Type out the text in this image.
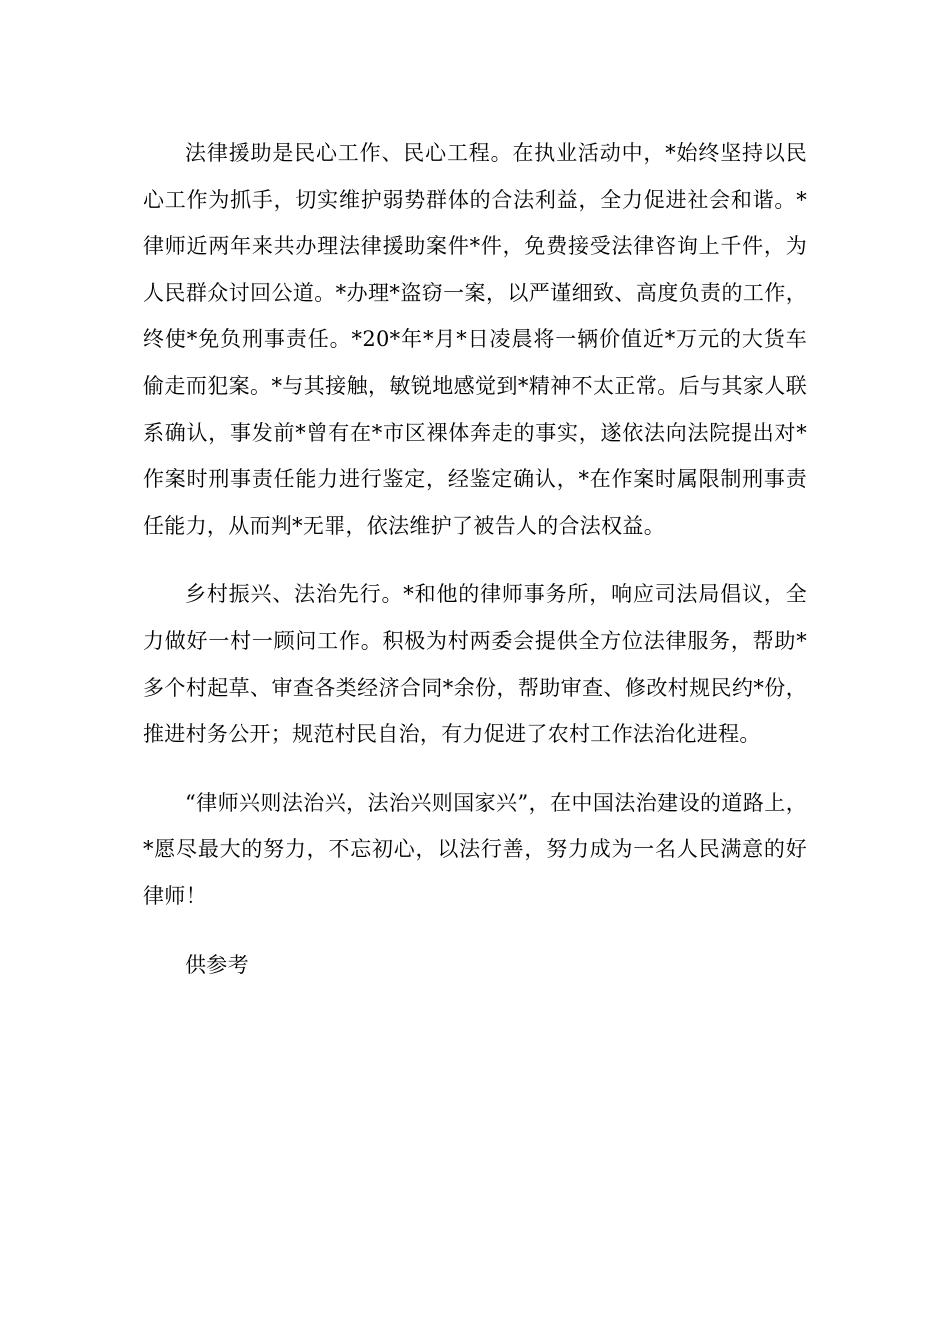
法律援助是民心工作、民心工程。在执业活动中，*始终坚持以民心工作为抓手，切实维护弱势群体的合法利益，全力促进社会和谐。*律师近两年来共办理法律援助案件*件，免费接受法律咨询上千件，为人民群众讨回公道。*办理*盗窃一案，以严谨细致、高度负责的工作，终使*免负刑事责任。*20*年*月*日凌晨将一辆价值近*万元的大货车偷走而犯案。*与其接触，敏锐地感觉到*精神不太正常。后与其家人联系确认，事发前*曾有在*市区裸体奔走的事实，遂依法向法院提出对*作案时刑事责任能力进行鉴定，经鉴定确认，*在作案时属限制刑事责任能力，从而判*无罪，依法维护了被告人的合法权益。

乡村振兴、法治先行。*和他的律师事务所，响应司法局倡议，全力做好一村一顾问工作。积极为村两委会提供全方位法律服务，帮助*多个村起草、审查各类经济合同*余份，帮助审查、修改村规民约*份，推进村务公开；规范村民自治，有力促进了农村工作法治化进程。

“律师兴则法治兴，法治兴则国家兴”，在中国法治建设的道路上，*愿尽最大的努力，不忘初心，以法行善，努力成为一名人民满意的好律师！

供参考
